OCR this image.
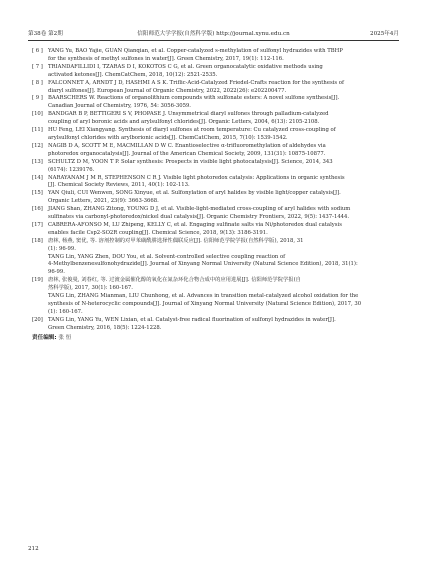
第38卷 第2期	信阳师范大学学报(自然科学版) http://journal.xynu.edu.cn	2025年4月
[ 6 ] YANG Yu, BAO Yajie, GUAN Qianqian, et al. Copper-catalyzed s-methylation of sulfonyl hydrazides with TBHP
for the synthesis of methyl sulfones in water[J]. Green Chemistry, 2017, 19(1): 112-116.
[ 7 ] TRIANDAFILLIDI I, TZARAS D I, KOKOTOS C G, et al. Green organocatalytic oxidative methods using
activated ketones[J]. ChemCatChem, 2018, 10(12): 2521-2535.
[ 8 ] FALCONNET A, ARNDT J D, HASHMI A S K. Triflic-Acid-Catalyzed Friedel-Crafts reaction for the synthesis of
diaryl sulfones[J]. European Journal of Organic Chemistry, 2022, 2022(26): e202200477.
[ 9 ] BAARSCHERS W. Reactions of organolithium compounds with sulfonate esters: A novel sulfone synthesis[J].
Canadian Journal of Chemistry, 1976, 54: 3056-3059.
[10] BANDGAR B P, BETTIGERI S V, PHOPASE J. Unsymmetrical diaryl sulfones through palladium-catalyzed
coupling of aryl boronic acids and arylsulfonyl chlorides[J]. Organic Letters, 2004, 6(13): 2105-2108.
[11] HU Feng, LEI Xiangyang. Synthesis of diaryl sulfones at room temperature: Cu catalyzed cross-coupling of
arylsulfonyl chlorides with arylborionic acids[J]. ChemCatChem, 2015, 7(10): 1539-1542.
[12] NAGIB D A, SCOTT M E, MACMILLAN D W C. Enantioselective α-trifluoromethylation of aldehydes via
photoredox organocatalysis[J]. Journal of the American Chemical Society, 2009, 131(31): 10875-10877.
[13] SCHULTZ D M, YOON T P. Solar synthesis: Prospects in visible light photocatalysis[J]. Science, 2014, 343
(6174): 1239176.
[14] NARAYANAM J M R, STEPHENSON C R J. Visible light photoredox catalysis: Applications in organic synthesis
[J]. Chemical Society Reviews, 2011, 40(1): 102-113.
[15] YAN Qiuli, CUI Wenwen, SONG Xinyue, et al. Sulfonylation of aryl halides by visible light/copper catalysis[J].
Organic Letters, 2021, 23(9): 3663-3668.
[16] JIANG Shan, ZHANG Zitong, YOUNG D J, et al. Visible-light-mediated cross-coupling of aryl halides with sodium
sulfinates via carbonyl-photoredox/nickel dual catalysis[J]. Organic Chemistry Frontiers, 2022, 9(5): 1437-1444.
[17] CABRERA-AFONSO M, LU Zhipeng, KELLY C, et al. Engaging sulfinate salts via Ni/photoredox dual catalysis
enables facile Csp2-SO2R coupling[J]. Chemical Science, 2018, 9(13): 3186-3191.
[18] 唐林, 杨燕, 窦优, 等. 溶剂控制的对甲苯磺酰肼选择性偶联反应[J]. 信阳师范学院学报(自然科学版), 2018, 31
(1): 96-99.
TANG Lin, YANG Zhen, DOU You, et al. Solvent-controlled selective coupling reaction of
4-Methylbenzenesulfonohydrazide[J]. Journal of Xinyang Normal University (Natural Science Edition), 2018, 31(1):
96-99.
[19] 唐林, 张俊曼, 刘春红, 等. 过渡金属催化醇的氧化在氮杂环化合物合成中的应用进展[J]. 信阳师范学院学报(自
然科学版), 2017, 30(1): 160-167.
TANG Lin, ZHANG Mianman, LIU Chunhong, et al. Advances in transition metal-catalyzed alcohol oxidation for the
synthesis of N-heterocyclic compounds[J]. Journal of Xinyang Normal University (Natural Science Edition), 2017, 30
(1): 160-167.
[20] TANG Lin, YANG Yu, WEN Lixian, et al. Catalyst-free radical fluorination of sulfonyl hydrazides in water[J].
Green Chemistry, 2016, 18(5): 1224-1228.
责任编辑: 张 恒
212
